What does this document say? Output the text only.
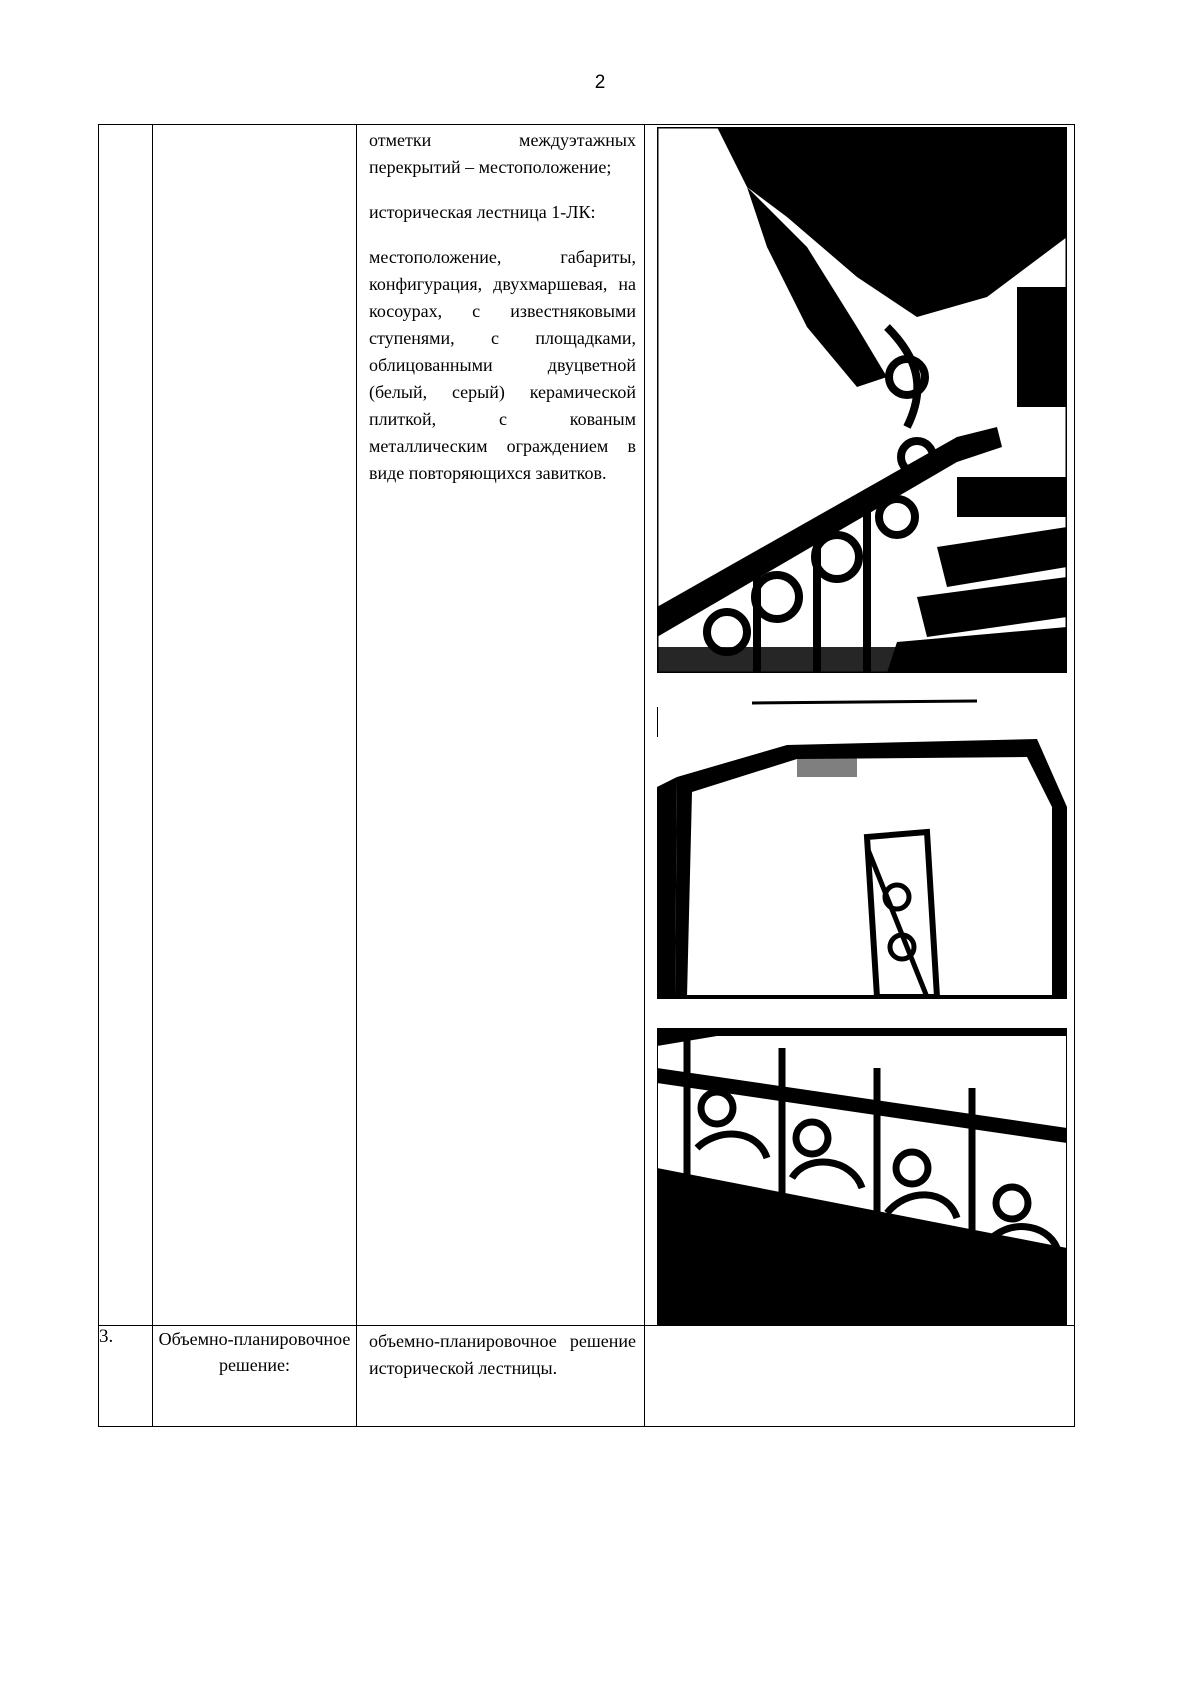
2

		отметки междуэтажных перекрытий – местоположение;

историческая лестница 1-ЛК:

местоположение, габариты, конфигурация, двухмаршевая, на косоурах, с известняковыми ступенями, с площадками, облицованными двуцветной (белый, серый) керамической плиткой, с кованым металлическим ограждением в виде повторяющихся завитков.

3.	Объемно-планировочное решение:	объемно-планировочное решение исторической лестницы.	
